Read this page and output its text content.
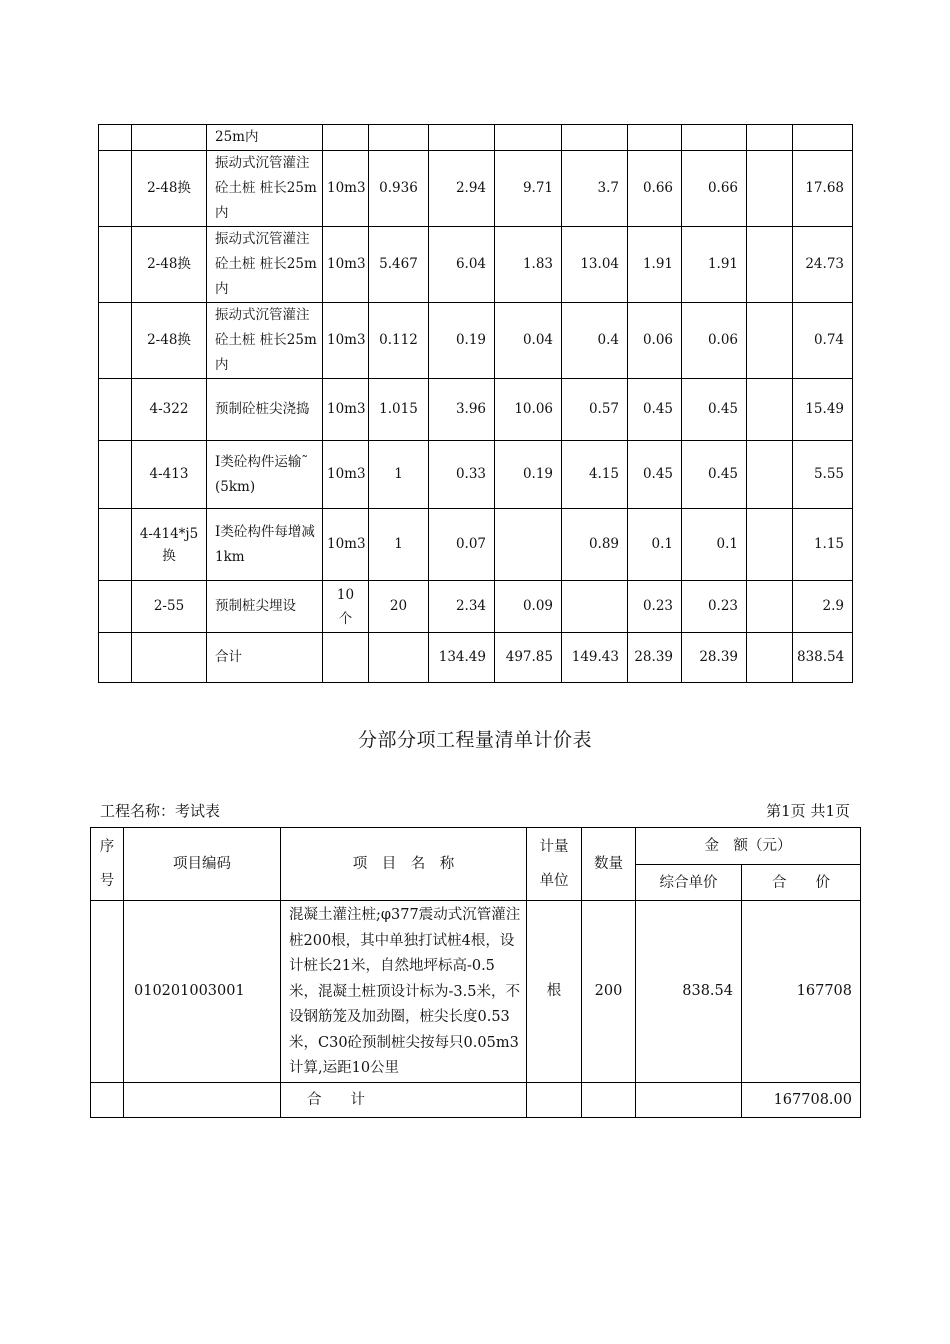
		25m内									
	2-48换	振动式沉管灌注砼土桩 桩长25m内	10m3	0.936	2.94	9.71	3.7	0.66	0.66		17.68
	2-48换	振动式沉管灌注砼土桩 桩长25m内	10m3	5.467	6.04	1.83	13.04	1.91	1.91		24.73
	2-48换	振动式沉管灌注砼土桩 桩长25m内	10m3	0.112	0.19	0.04	0.4	0.06	0.06		0.74
	4-322	预制砼桩尖浇捣	10m3	1.015	3.96	10.06	0.57	0.45	0.45		15.49
	4-413	Ⅰ类砼构件运输˜　(5km)	10m3	1	0.33	0.19	4.15	0.45	0.45		5.55
	4-414*j5换	Ⅰ类砼构件每增减1km	10m3	1	0.07		0.89	0.1	0.1		1.15
	2-55	预制桩尖埋设	10个	20	2.34	0.09		0.23	0.23		2.9
		合计			134.49	497.85	149.43	28.39	28.39		838.54
分部分项工程量清单计价表
工程名称：考试表	第1页 共1页
序号	项目编码	项　目　名　称	计量单位	数量	金　额（元）	
					综合单价	合　　价
	010201003001	混凝土灌注桩;φ377震动式沉管灌注桩200根，其中单独打试桩4根，设计桩长21米，自然地坪标高-0.5米，混凝土桩顶设计标为-3.5米，不设钢筋笼及加劲圈，桩尖长度0.53米，C30砼预制桩尖按每只0.05m3计算,运距10公里	根	200	838.54	167708
		合　　计				167708.00
